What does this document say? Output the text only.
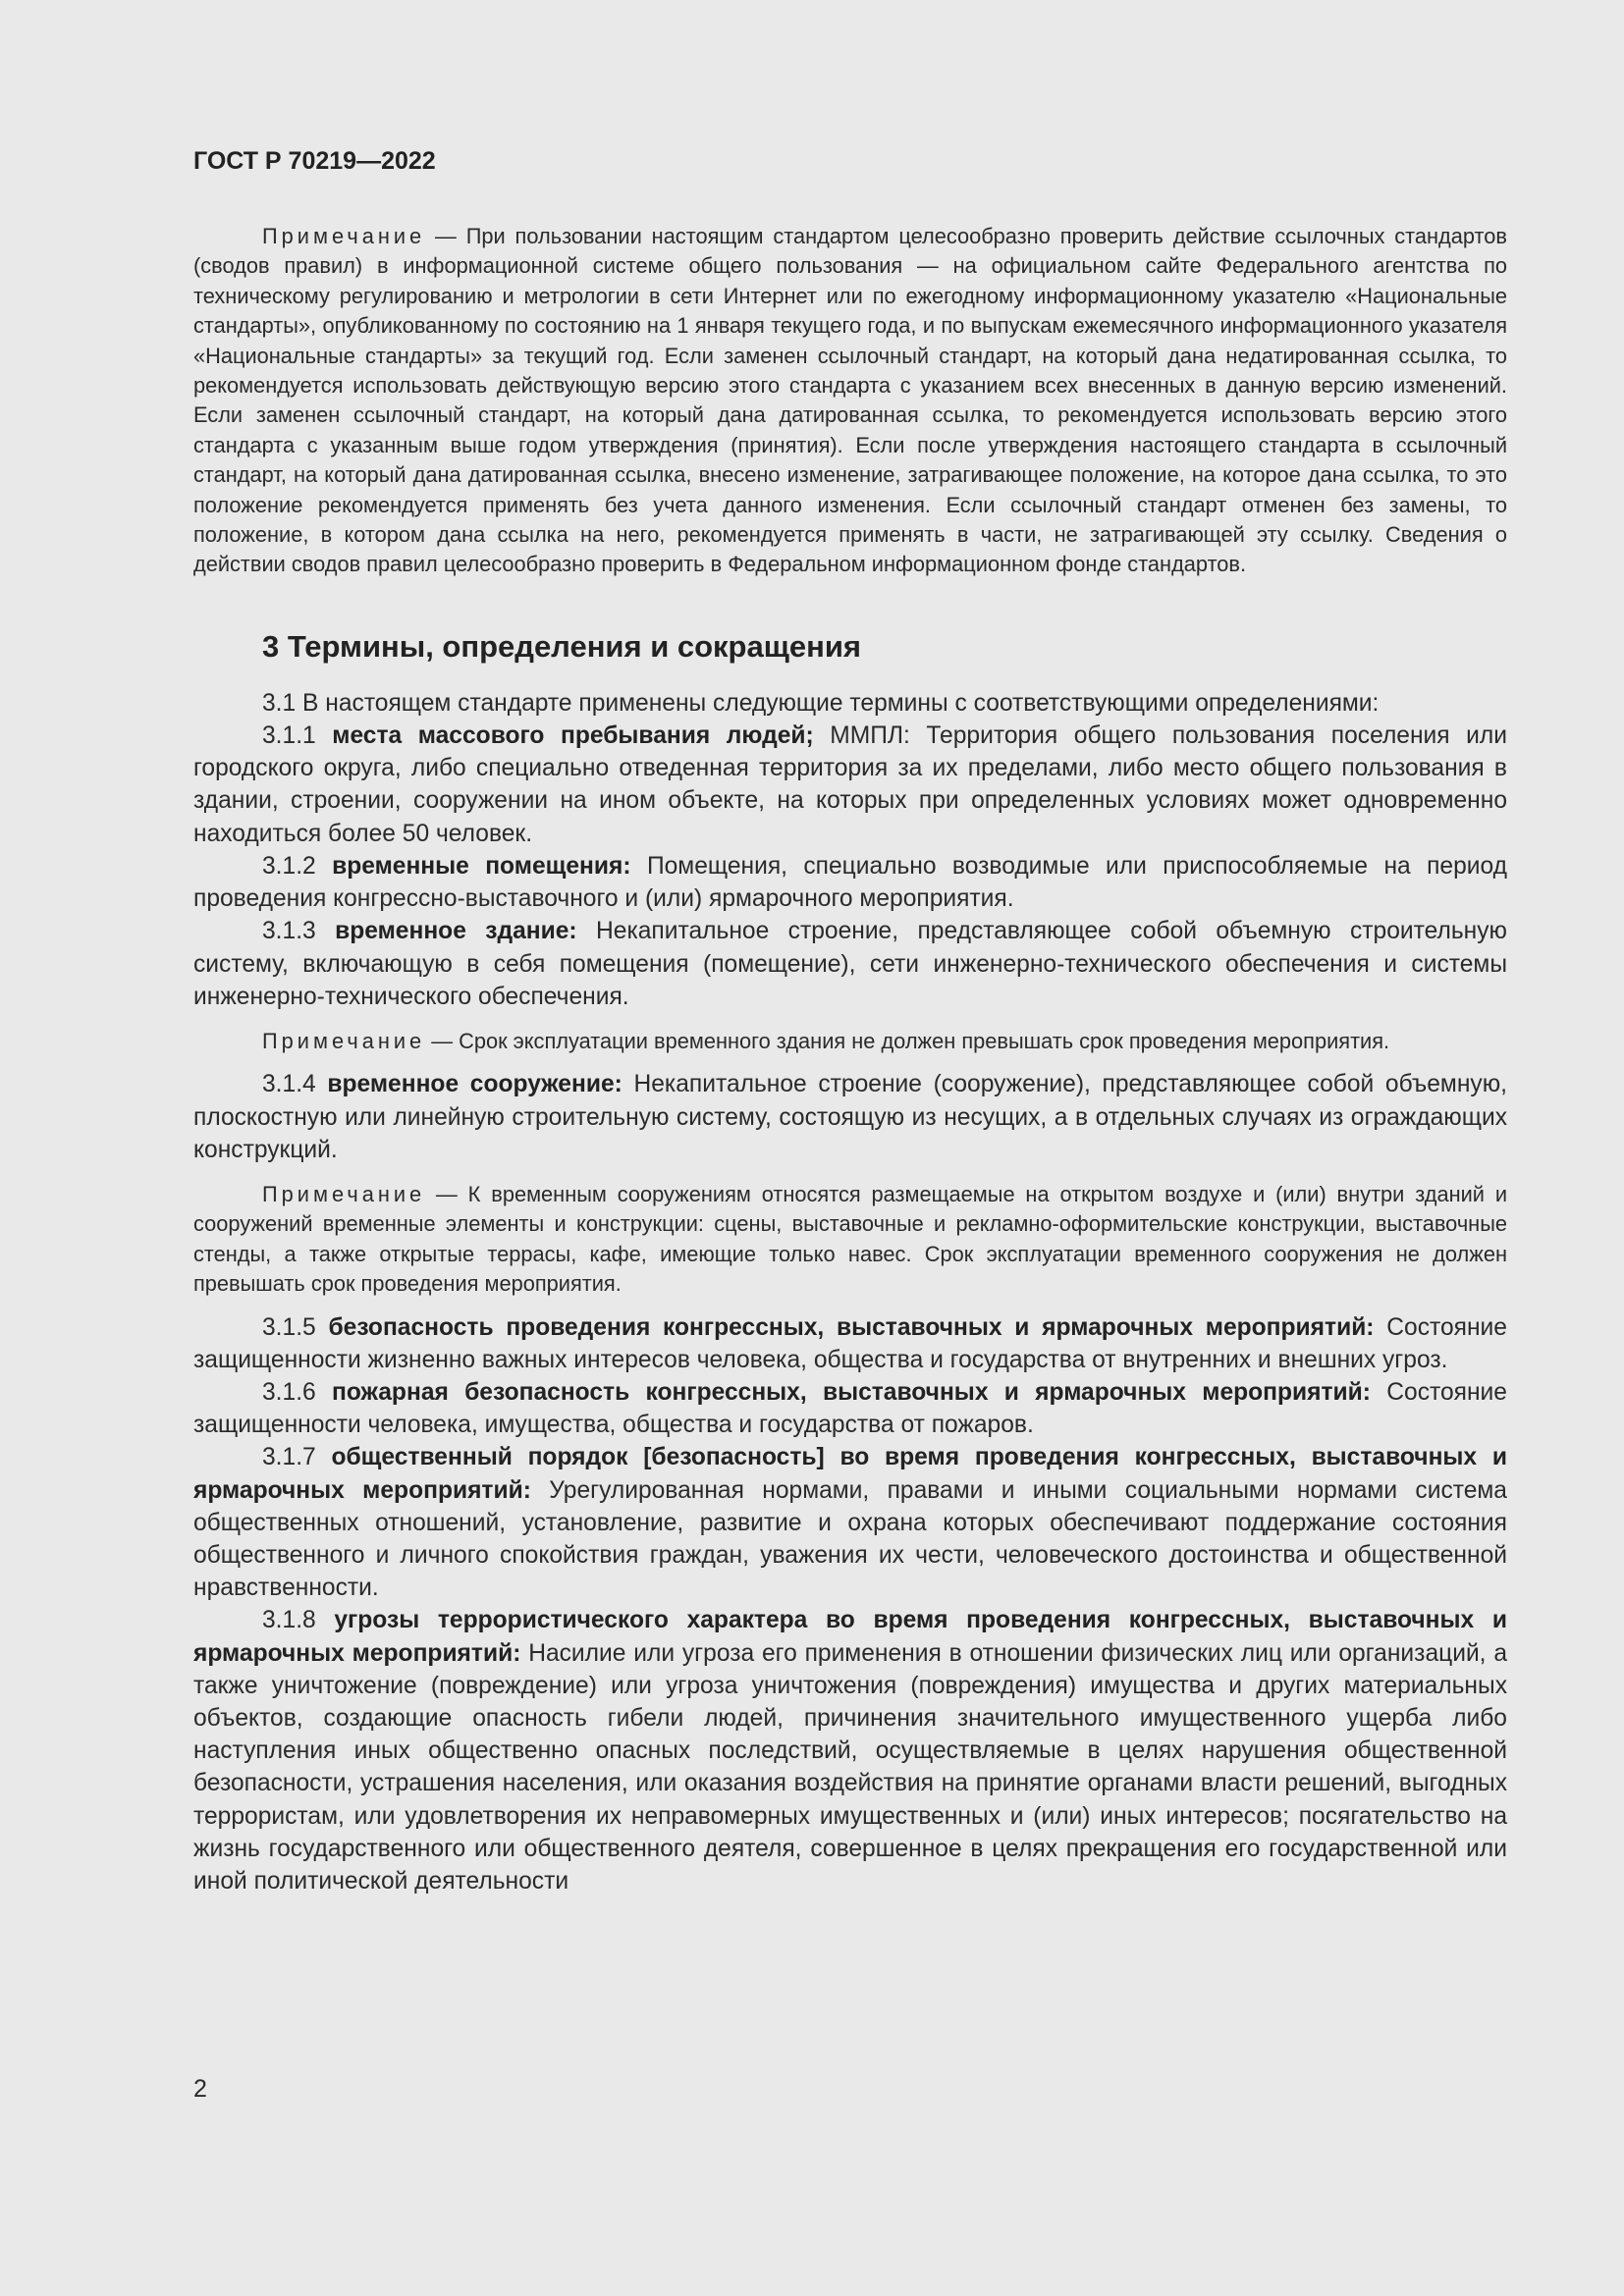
ГОСТ Р 70219—2022

Примечание — При пользовании настоящим стандартом целесообразно проверить действие ссылочных стандартов (сводов правил) в информационной системе общего пользования — на официальном сайте Федерального агентства по техническому регулированию и метрологии в сети Интернет или по ежегодному информационному указателю «Национальные стандарты», опубликованному по состоянию на 1 января текущего года, и по выпускам ежемесячного информационного указателя «Национальные стандарты» за текущий год. Если заменен ссылочный стандарт, на который дана недатированная ссылка, то рекомендуется использовать действующую версию этого стандарта с указанием всех внесенных в данную версию изменений. Если заменен ссылочный стандарт, на который дана датированная ссылка, то рекомендуется использовать версию этого стандарта с указанным выше годом утверждения (принятия). Если после утверждения настоящего стандарта в ссылочный стандарт, на который дана датированная ссылка, внесено изменение, затрагивающее положение, на которое дана ссылка, то это положение рекомендуется применять без учета данного изменения. Если ссылочный стандарт отменен без замены, то положение, в котором дана ссылка на него, рекомендуется применять в части, не затрагивающей эту ссылку. Сведения о действии сводов правил целесообразно проверить в Федеральном информационном фонде стандартов.

3 Термины, определения и сокращения

3.1 В настоящем стандарте применены следующие термины с соответствующими определениями:

3.1.1 места массового пребывания людей; ММПЛ: Территория общего пользования поселения или городского округа, либо специально отведенная территория за их пределами, либо место общего пользования в здании, строении, сооружении на ином объекте, на которых при определенных условиях может одновременно находиться более 50 человек.

3.1.2 временные помещения: Помещения, специально возводимые или приспособляемые на период проведения конгрессно-выставочного и (или) ярмарочного мероприятия.

3.1.3 временное здание: Некапитальное строение, представляющее собой объемную строительную систему, включающую в себя помещения (помещение), сети инженерно-технического обеспечения и системы инженерно-технического обеспечения.

Примечание — Срок эксплуатации временного здания не должен превышать срок проведения мероприятия.

3.1.4 временное сооружение: Некапитальное строение (сооружение), представляющее собой объемную, плоскостную или линейную строительную систему, состоящую из несущих, а в отдельных случаях из ограждающих конструкций.

Примечание — К временным сооружениям относятся размещаемые на открытом воздухе и (или) внутри зданий и сооружений временные элементы и конструкции: сцены, выставочные и рекламно-оформительские конструкции, выставочные стенды, а также открытые террасы, кафе, имеющие только навес. Срок эксплуатации временного сооружения не должен превышать срок проведения мероприятия.

3.1.5 безопасность проведения конгрессных, выставочных и ярмарочных мероприятий: Состояние защищенности жизненно важных интересов человека, общества и государства от внутренних и внешних угроз.

3.1.6 пожарная безопасность конгрессных, выставочных и ярмарочных мероприятий: Состояние защищенности человека, имущества, общества и государства от пожаров.

3.1.7 общественный порядок [безопасность] во время проведения конгрессных, выставочных и ярмарочных мероприятий: Урегулированная нормами, правами и иными социальными нормами система общественных отношений, установление, развитие и охрана которых обеспечивают поддержание состояния общественного и личного спокойствия граждан, уважения их чести, человеческого достоинства и общественной нравственности.

3.1.8 угрозы террористического характера во время проведения конгрессных, выставочных и ярмарочных мероприятий: Насилие или угроза его применения в отношении физических лиц или организаций, а также уничтожение (повреждение) или угроза уничтожения (повреждения) имущества и других материальных объектов, создающие опасность гибели людей, причинения значительного имущественного ущерба либо наступления иных общественно опасных последствий, осуществляемые в целях нарушения общественной безопасности, устрашения населения, или оказания воздействия на принятие органами власти решений, выгодных террористам, или удовлетворения их неправомерных имущественных и (или) иных интересов; посягательство на жизнь государственного или общественного деятеля, совершенное в целях прекращения его государственной или иной политической деятельности

2
